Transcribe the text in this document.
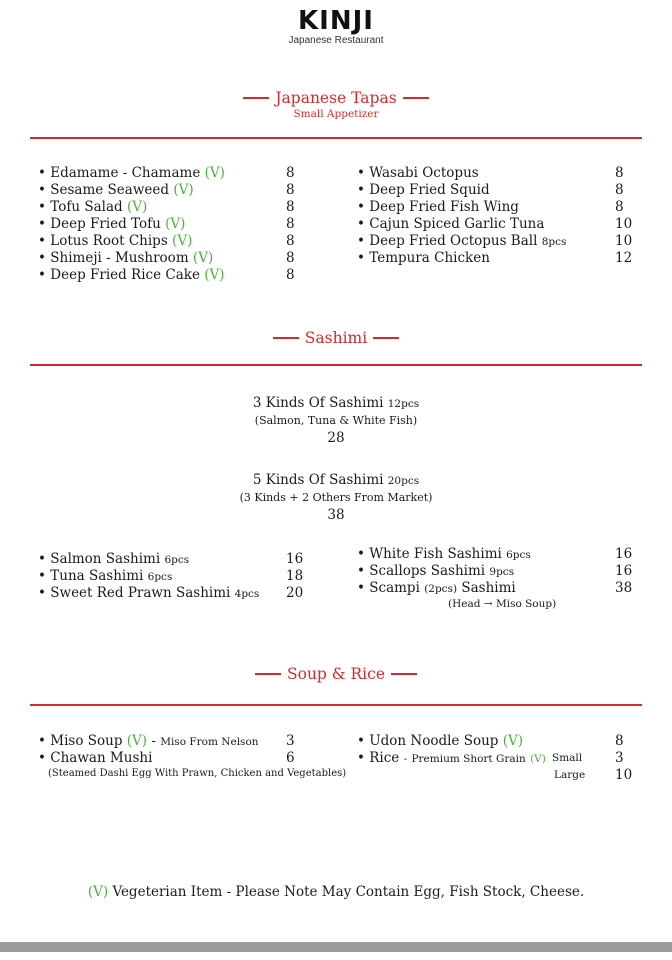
KINJI
Japanese Restaurant
Japanese Tapas
Small Appetizer
• Edamame - Chamame (V)	8
• Sesame Seaweed (V)	8
• Tofu Salad (V)	8
• Deep Fried Tofu (V)	8
• Lotus Root Chips (V)	8
• Shimeji - Mushroom (V)	8
• Deep Fried Rice Cake (V)	8
• Wasabi Octopus	8
• Deep Fried Squid	8
• Deep Fried Fish Wing	8
• Cajun Spiced Garlic Tuna	10
• Deep Fried Octopus Ball 8pcs	10
• Tempura Chicken	12
Sashimi
3 Kinds Of Sashimi 12pcs
(Salmon, Tuna & White Fish)
28
5 Kinds Of Sashimi 20pcs
(3 Kinds + 2 Others From Market)
38
• Salmon Sashimi 6pcs	16
• Tuna Sashimi 6pcs	18
• Sweet Red Prawn Sashimi 4pcs 20
• White Fish Sashimi 6pcs	16
• Scallops Sashimi 9pcs	16
• Scampi (2pcs) Sashimi	38
(Head → Miso Soup)
Soup & Rice
• Miso Soup (V) - Miso From Nelson 3
• Chawan Mushi	6
(Steamed Dashi Egg With Prawn, Chicken and Vegetables)
• Udon Noodle Soup (V)	8
• Rice - Premium Short Grain (V) Small 3
Large 10
(V) Vegeterian Item - Please Note May Contain Egg, Fish Stock, Cheese.
